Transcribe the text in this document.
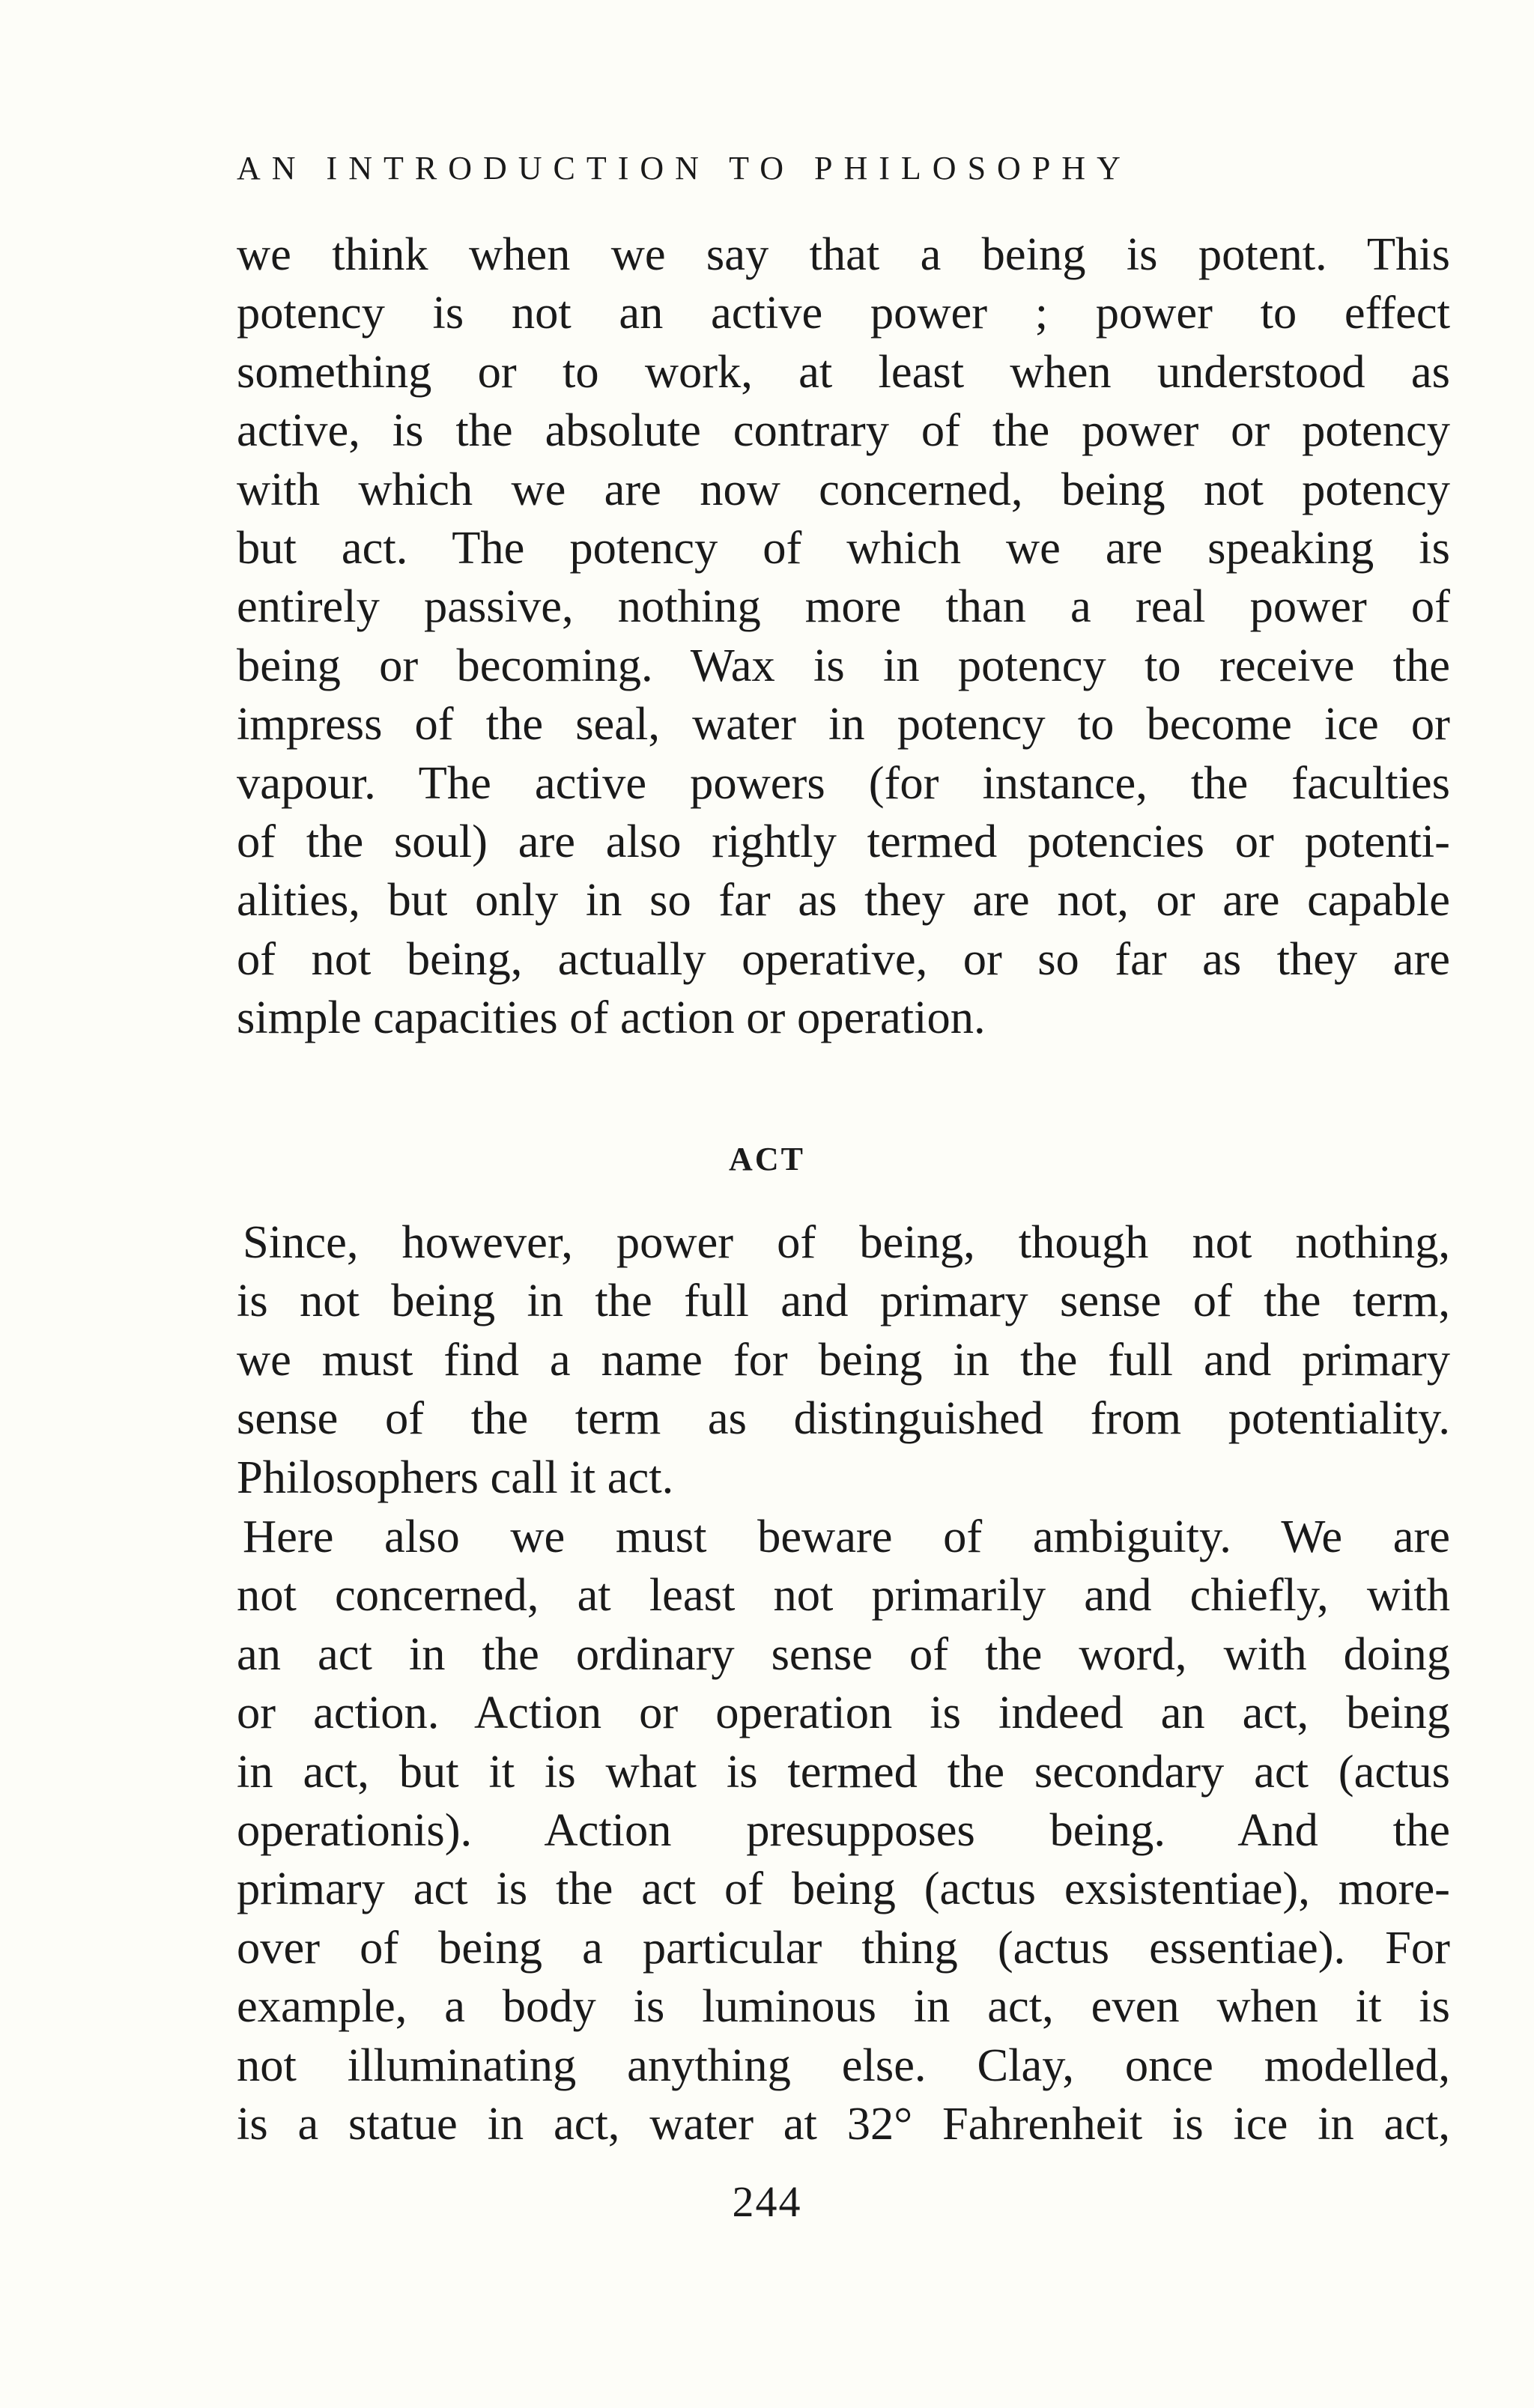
AN INTRODUCTION TO PHILOSOPHY
we think when we say that a being is potent. This
potency is not an active power ; power to effect
something or to work, at least when understood as
active, is the absolute contrary of the power or potency
with which we are now concerned, being not potency
but act. The potency of which we are speaking is
entirely passive, nothing more than a real power of
being or becoming. Wax is in potency to receive the
impress of the seal, water in potency to become ice or
vapour. The active powers (for instance, the faculties
of the soul) are also rightly termed potencies or potenti-
alities, but only in so far as they are not, or are capable
of not being, actually operative, or so far as they are
simple capacities of action or operation.
ACT
Since, however, power of being, though not nothing,
is not being in the full and primary sense of the term,
we must find a name for being in the full and primary
sense of the term as distinguished from potentiality.
Philosophers call it act.
Here also we must beware of ambiguity. We are
not concerned, at least not primarily and chiefly, with
an act in the ordinary sense of the word, with doing
or action. Action or operation is indeed an act, being
in act, but it is what is termed the secondary act (actus
operationis). Action presupposes being. And the
primary act is the act of being (actus exsistentiae), more-
over of being a particular thing (actus essentiae). For
example, a body is luminous in act, even when it is
not illuminating anything else. Clay, once modelled,
is a statue in act, water at 32° Fahrenheit is ice in act,
244
